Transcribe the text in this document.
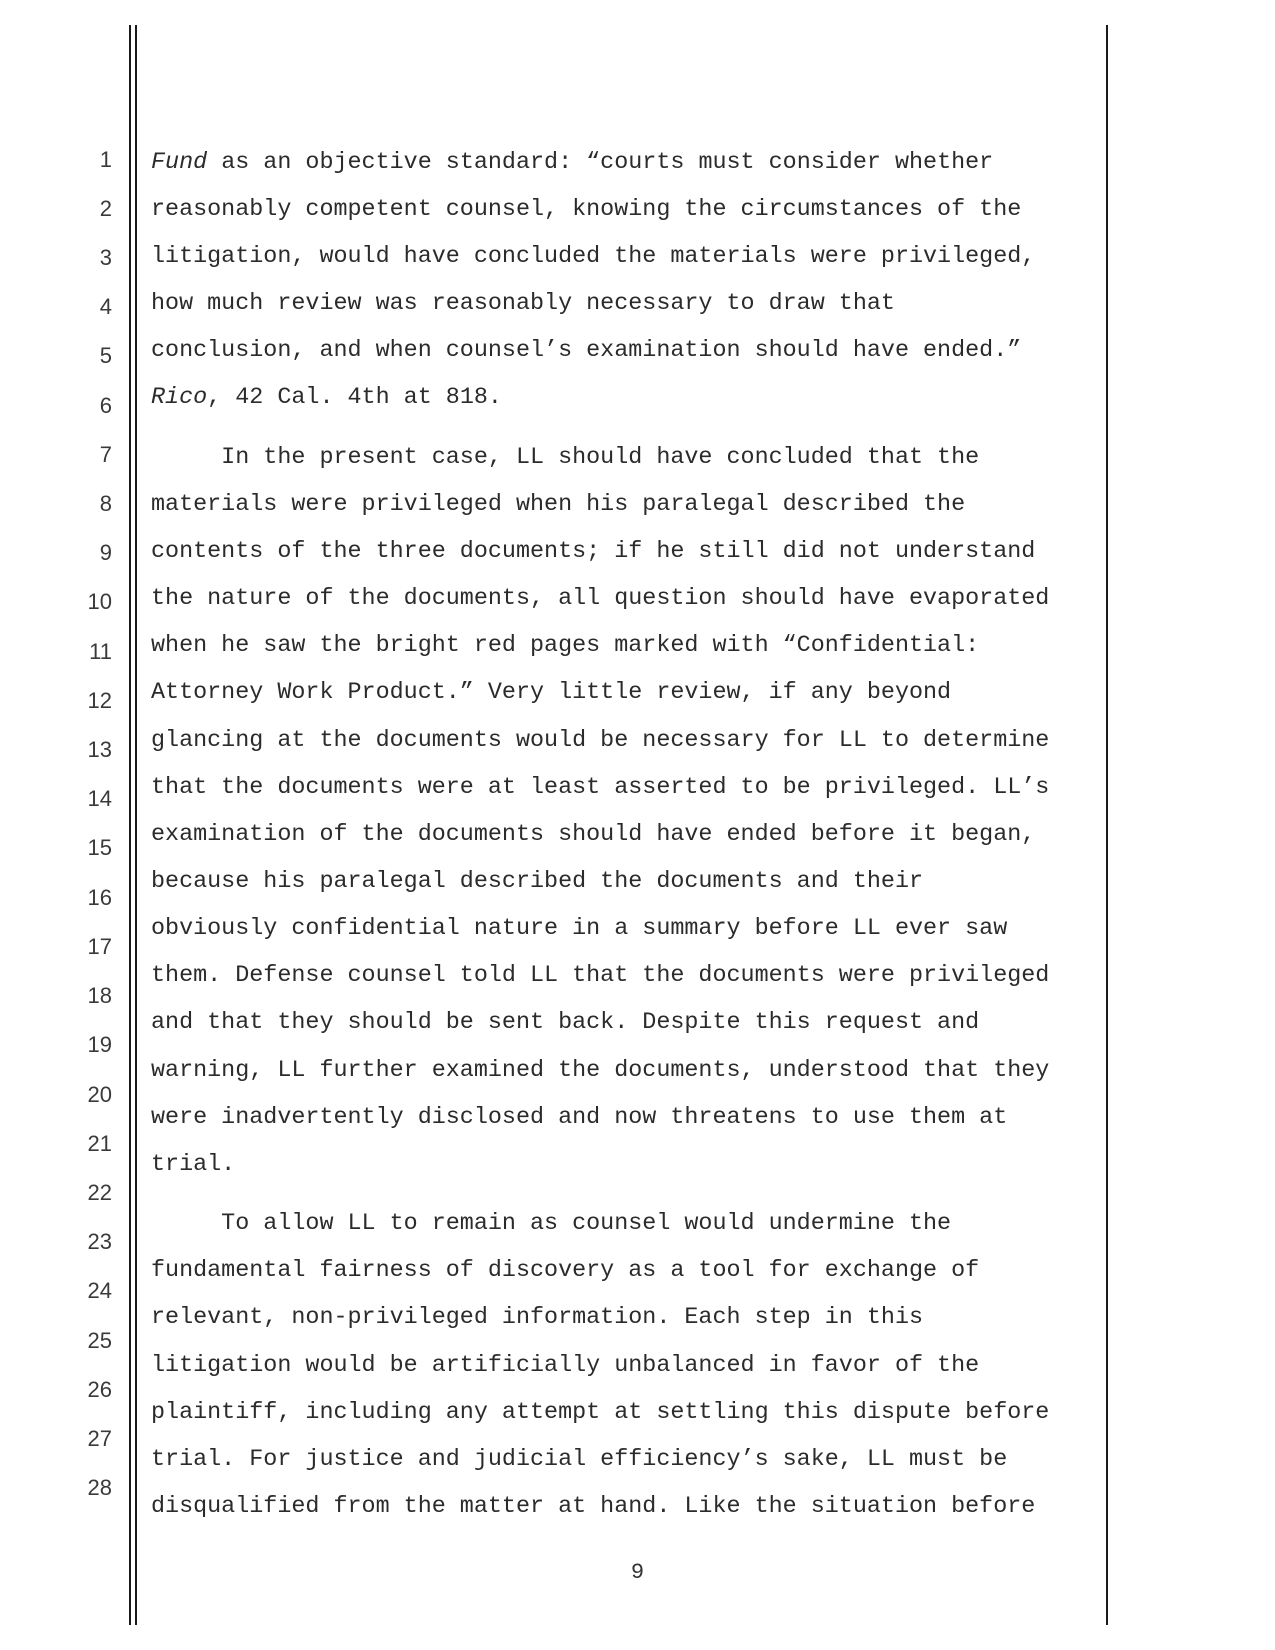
1
2
3
4
5
6
7
8
9
10
11
12
13
14
15
16
17
18
19
20
21
22
23
24
25
26
27
28
Fund as an objective standard: “courts must consider whether
reasonably competent counsel, knowing the circumstances of the
litigation, would have concluded the materials were privileged,
how much review was reasonably necessary to draw that
conclusion, and when counsel’s examination should have ended.”
Rico, 42 Cal. 4th at 818.
In the present case, LL should have concluded that the
materials were privileged when his paralegal described the
contents of the three documents; if he still did not understand
the nature of the documents, all question should have evaporated
when he saw the bright red pages marked with “Confidential:
Attorney Work Product.” Very little review, if any beyond
glancing at the documents would be necessary for LL to determine
that the documents were at least asserted to be privileged. LL’s
examination of the documents should have ended before it began,
because his paralegal described the documents and their
obviously confidential nature in a summary before LL ever saw
them. Defense counsel told LL that the documents were privileged
and that they should be sent back. Despite this request and
warning, LL further examined the documents, understood that they
were inadvertently disclosed and now threatens to use them at
trial.
To allow LL to remain as counsel would undermine the
fundamental fairness of discovery as a tool for exchange of
relevant, non-privileged information. Each step in this
litigation would be artificially unbalanced in favor of the
plaintiff, including any attempt at settling this dispute before
trial. For justice and judicial efficiency’s sake, LL must be
disqualified from the matter at hand. Like the situation before
9
